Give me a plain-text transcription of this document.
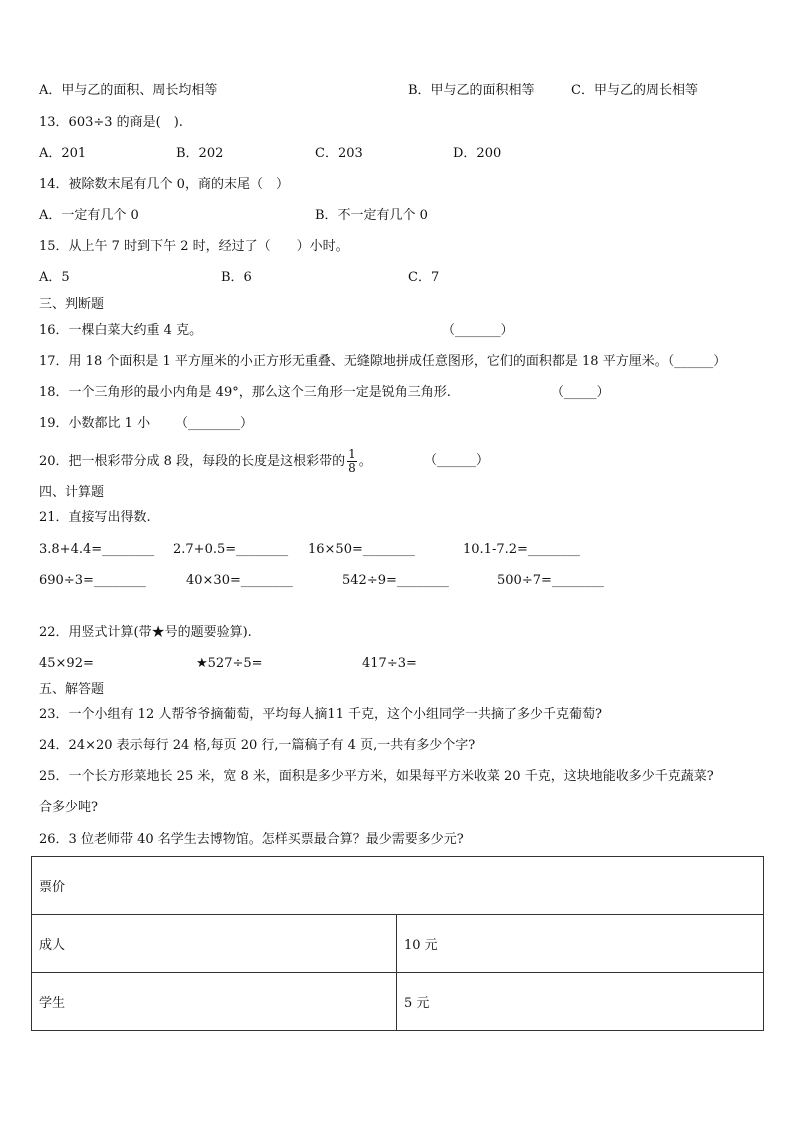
A．甲与乙的面积、周长均相等	B．甲与乙的面积相等	C．甲与乙的周长相等
13．603÷3 的商是(　).
A．201	B．202	C．203	D．200
14．被除数末尾有几个 0，商的末尾（　）
A．一定有几个 0	B．不一定有几个 0
15．从上午 7 时到下午 2 时，经过了（　　）小时。
A．5	B．6	C．7
三、判断题
16．一棵白菜大约重 4 克。	（_______）
17．用 18 个面积是 1 平方厘米的小正方形无重叠、无缝隙地拼成任意图形，它们的面积都是 18 平方厘米。（______）
18．一个三角形的最小内角是 49°，那么这个三角形一定是锐角三角形.	（_____）
19．小数都比 1 小 （________）
20．把一根彩带分成 8 段，每段的长度是这根彩带的 $\frac{1}{8}$ 。	（______）
四、计算题
21．直接写出得数.
3.8+4.4=________ 2.7+0.5=________ 16×50=________	10.1-7.2=________
690÷3=________	40×30=________	542÷9=________	500÷7=________
22．用竖式计算(带★号的题要验算).
45×92=	★527÷5=	417÷3=
五、解答题
23．一个小组有 12 人帮爷爷摘葡萄，平均每人摘11 千克，这个小组同学一共摘了多少千克葡萄?
24．24×20 表示每行 24 格,每页 20 行,一篇稿子有 4 页,一共有多少个字?
25．一个长方形菜地长 25 米，宽 8 米，面积是多少平方米，如果每平方米收菜 20 千克，这块地能收多少千克蔬菜?
合多少吨?
26．3 位老师带 40 名学生去博物馆。怎样买票最合算？最少需要多少元?
票价	
成人	10 元
学生	5 元
